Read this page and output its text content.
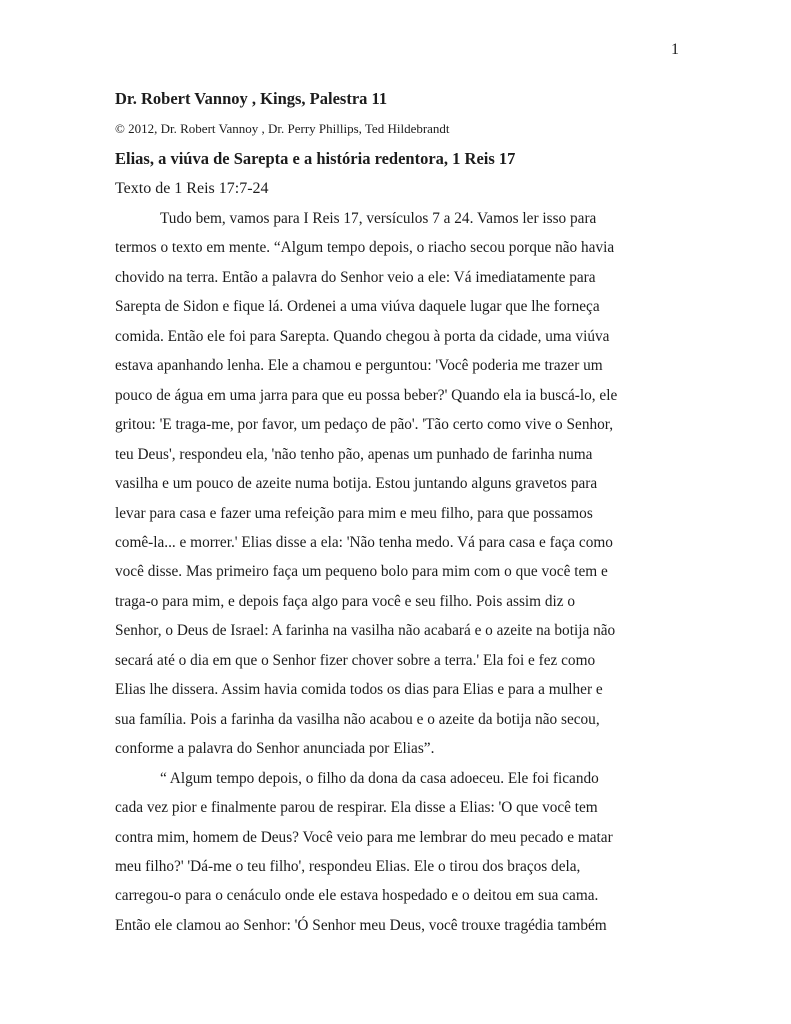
1
Dr. Robert Vannoy , Kings, Palestra 11
© 2012, Dr. Robert Vannoy , Dr. Perry Phillips, Ted Hildebrandt
Elias, a viúva de Sarepta e a história redentora, 1 Reis 17
Texto de 1 Reis 17:7-24
Tudo bem, vamos para I Reis 17, versículos 7 a 24. Vamos ler isso para
termos o texto em mente. “Algum tempo depois, o riacho secou porque não havia
chovido na terra. Então a palavra do Senhor veio a ele: Vá imediatamente para
Sarepta de Sidon e fique lá. Ordenei a uma viúva daquele lugar que lhe forneça
comida. Então ele foi para Sarepta. Quando chegou à porta da cidade, uma viúva
estava apanhando lenha. Ele a chamou e perguntou: 'Você poderia me trazer um
pouco de água em uma jarra para que eu possa beber?' Quando ela ia buscá-lo, ele
gritou: 'E traga-me, por favor, um pedaço de pão'. 'Tão certo como vive o Senhor,
teu Deus', respondeu ela, 'não tenho pão, apenas um punhado de farinha numa
vasilha e um pouco de azeite numa botija. Estou juntando alguns gravetos para
levar para casa e fazer uma refeição para mim e meu filho, para que possamos
comê-la... e morrer.' Elias disse a ela: 'Não tenha medo. Vá para casa e faça como
você disse. Mas primeiro faça um pequeno bolo para mim com o que você tem e
traga-o para mim, e depois faça algo para você e seu filho. Pois assim diz o
Senhor, o Deus de Israel: A farinha na vasilha não acabará e o azeite na botija não
secará até o dia em que o Senhor fizer chover sobre a terra.' Ela foi e fez como
Elias lhe dissera. Assim havia comida todos os dias para Elias e para a mulher e
sua família. Pois a farinha da vasilha não acabou e o azeite da botija não secou,
conforme a palavra do Senhor anunciada por Elias”.
“ Algum tempo depois, o filho da dona da casa adoeceu. Ele foi ficando
cada vez pior e finalmente parou de respirar. Ela disse a Elias: 'O que você tem
contra mim, homem de Deus? Você veio para me lembrar do meu pecado e matar
meu filho?' 'Dá-me o teu filho', respondeu Elias. Ele o tirou dos braços dela,
carregou-o para o cenáculo onde ele estava hospedado e o deitou em sua cama.
Então ele clamou ao Senhor: 'Ó Senhor meu Deus, você trouxe tragédia também
